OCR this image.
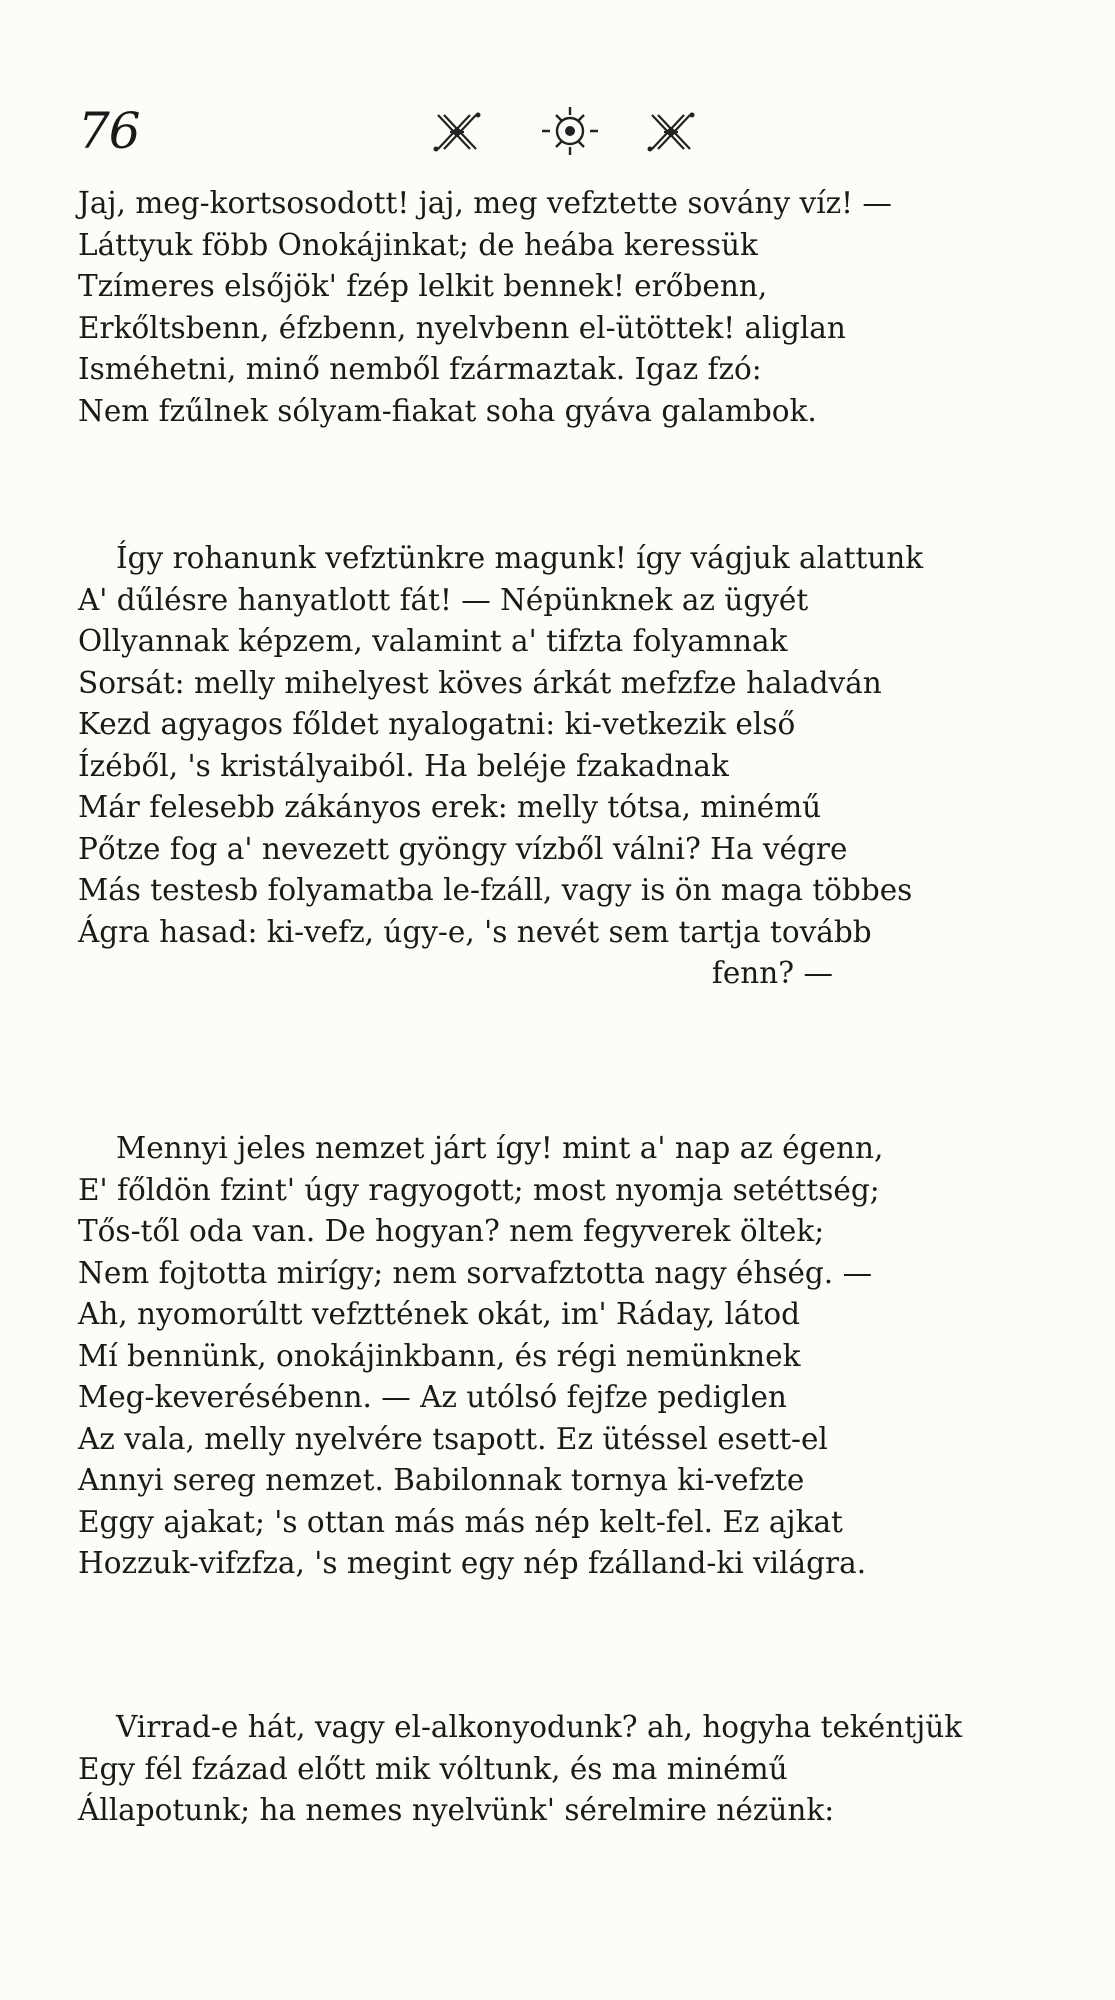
76
Jaj, meg-kortsosodott! jaj, meg vefztette sovány víz! —
Láttyuk föbb Onokájinkat; de heába keressük
Tzímeres elsőjök' fzép lelkit bennek! erőbenn,
Erkőltsbenn, éfzbenn, nyelvbenn el-ütöttek! aliglan
Isméhetni, minő nemből fzármaztak. Igaz fzó:
Nem fzűlnek sólyam-fiakat soha gyáva galambok.
Így rohanunk vefztünkre magunk! így vágjuk alattunk
A' dűlésre hanyatlott fát! — Népünknek az ügyét
Ollyannak képzem, valamint a' tifzta folyamnak
Sorsát: melly mihelyest köves árkát mefzfze haladván
Kezd agyagos főldet nyalogatni: ki-vetkezik első
Ízéből, 's kristályaiból. Ha beléje fzakadnak
Már felesebb zákányos erek: melly tótsa, minémű
Pőtze fog a' nevezett gyöngy vízből válni? Ha végre
Más testesb folyamatba le-fzáll, vagy is ön maga többes
Ágra hasad: ki-vefz, úgy-e, 's nevét sem tartja tovább
fenn? —
Mennyi jeles nemzet járt így! mint a' nap az égenn,
E' főldön fzint' úgy ragyogott; most nyomja setéttség;
Tős-től oda van. De hogyan? nem fegyverek öltek;
Nem fojtotta mirígy; nem sorvafztotta nagy éhség. —
Ah, nyomorúltt vefzttének okát, im' Ráday, látod
Mí bennünk, onokájinkbann, és régi nemünknek
Meg-keverésébenn. — Az utólsó fejfze pediglen
Az vala, melly nyelvére tsapott. Ez ütéssel esett-el
Annyi sereg nemzet. Babilonnak tornya ki-vefzte
Eggy ajakat; 's ottan más más nép kelt-fel. Ez ajkat
Hozzuk-vifzfza, 's megint egy nép fzálland-ki világra.
Virrad-e hát, vagy el-alkonyodunk? ah, hogyha tekéntjük
Egy fél fzázad előtt mik vóltunk, és ma minémű
Állapotunk; ha nemes nyelvünk' sérelmire nézünk:
